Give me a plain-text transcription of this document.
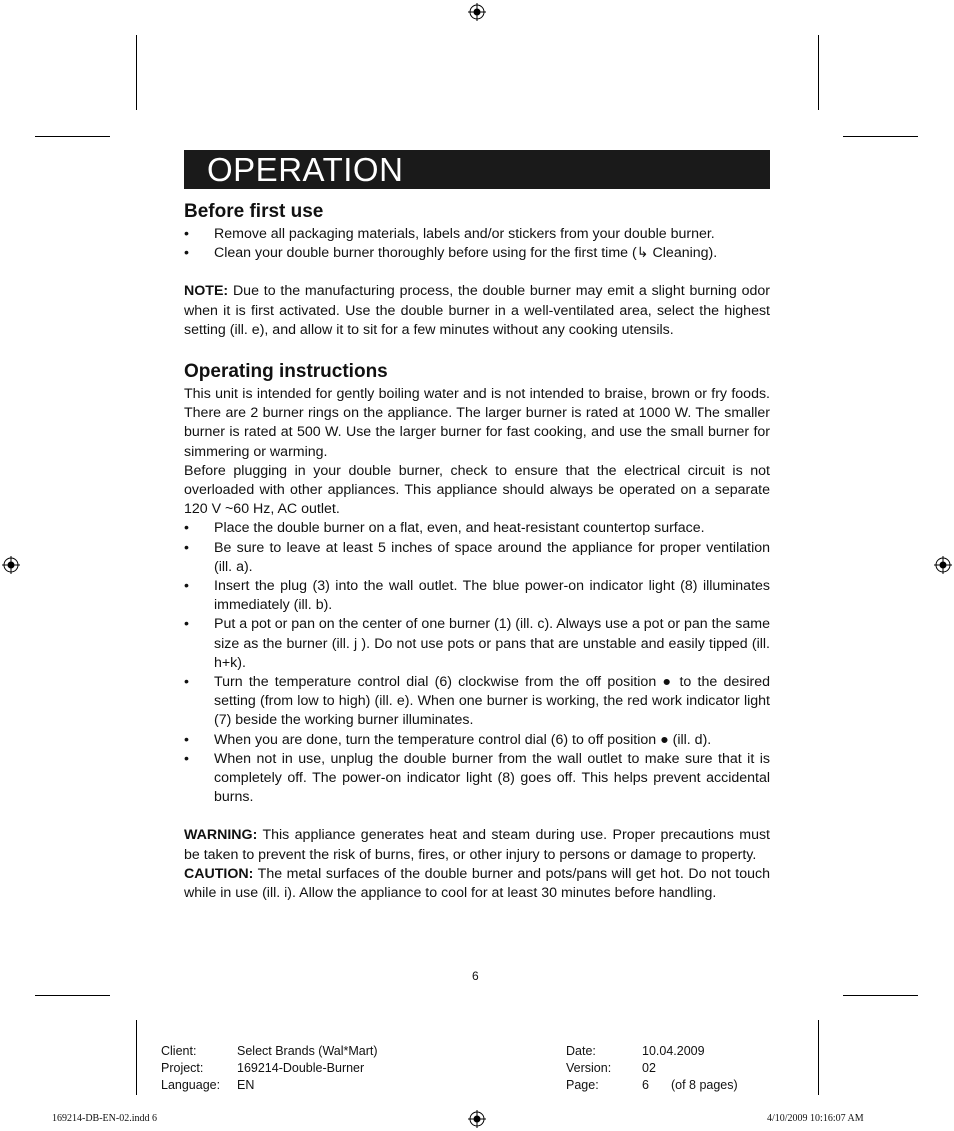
OPERATION
Before first use
• Remove all packaging materials, labels and/or stickers from your double burner.
• Clean your double burner thoroughly before using for the first time (↳ Cleaning).

NOTE: Due to the manufacturing process, the double burner may emit a slight burning odor when it is first activated. Use the double burner in a well-ventilated area, select the highest setting (ill. e), and allow it to sit for a few minutes without any cooking utensils.

Operating instructions

This unit is intended for gently boiling water and is not intended to braise, brown or fry foods. There are 2 burner rings on the appliance. The larger burner is rated at 1000 W. The smaller burner is rated at 500 W. Use the larger burner for fast cooking, and use the small burner for simmering or warming.

Before plugging in your double burner, check to ensure that the electrical circuit is not overloaded with other appliances. This appliance should always be operated on a separate 120 V ~60 Hz, AC outlet.

• Place the double burner on a flat, even, and heat-resistant countertop surface.
• Be sure to leave at least 5 inches of space around the appliance for proper ventilation (ill. a).
• Insert the plug (3) into the wall outlet. The blue power-on indicator light (8) illuminates immediately (ill. b).
• Put a pot or pan on the center of one burner (1) (ill. c). Always use a pot or pan the same size as the burner (ill. j ). Do not use pots or pans that are unstable and easily tipped (ill. h+k).
• Turn the temperature control dial (6) clockwise from the off position ● to the desired setting (from low to high) (ill. e). When one burner is working, the red work indicator light (7) beside the working burner illuminates.
• When you are done, turn the temperature control dial (6) to off position ● (ill. d).
• When not in use, unplug the double burner from the wall outlet to make sure that it is completely off. The power-on indicator light (8) goes off. This helps prevent accidental burns.

WARNING: This appliance generates heat and steam during use. Proper precautions must be taken to prevent the risk of burns, fires, or other injury to persons or damage to property.

CAUTION: The metal surfaces of the double burner and pots/pans will get hot. Do not touch while in use (ill. i). Allow the appliance to cool for at least 30 minutes before handling.

6
Client:
Project:
Language:
Select Brands (Wal*Mart)
169214-Double-Burner
EN
Date:
Version:
Page:
10.04.2009
02
6 (of 8 pages)
169214-DB-EN-02.indd 6	4/10/2009 10:16:07 AM
